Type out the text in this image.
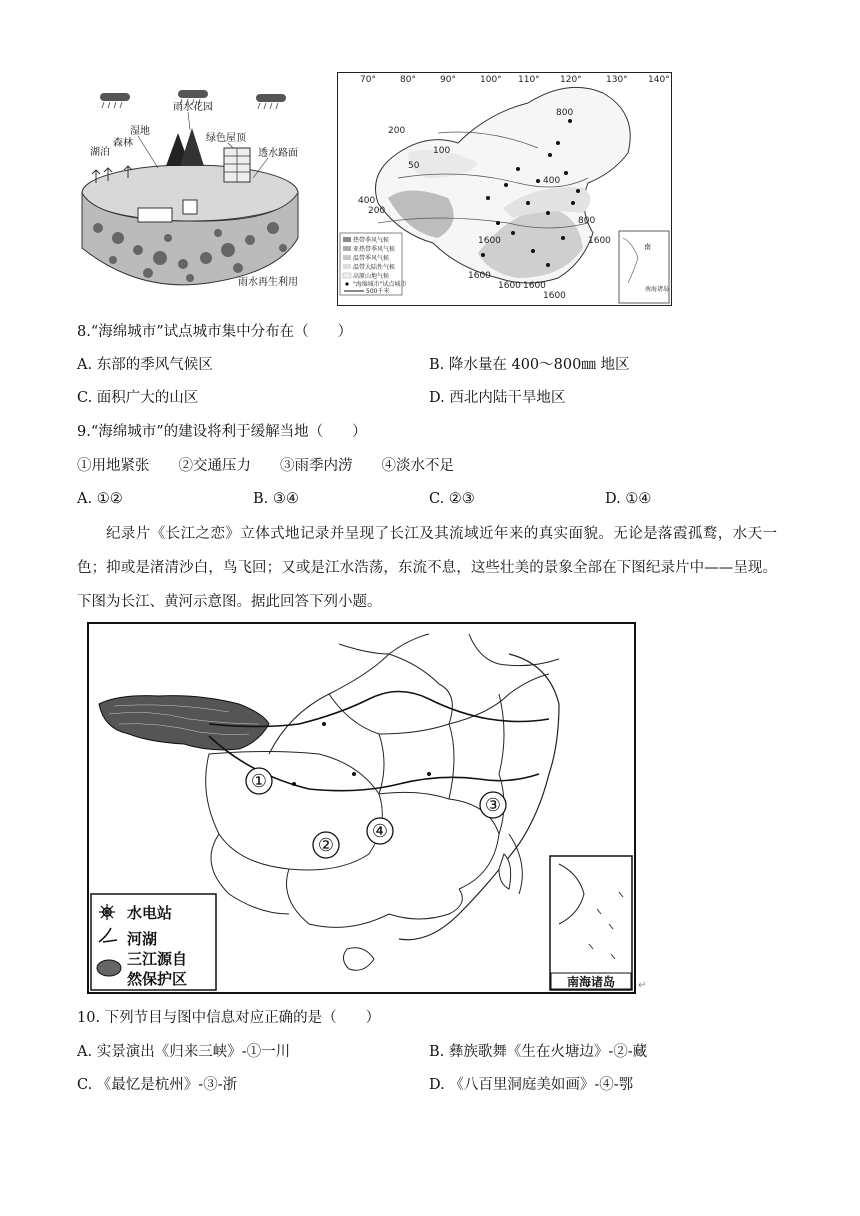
雨水花园
森林
湿地
湖泊
绿色屋顶
透水路面
雨水再生利用
70°	80°	90°	100° 110° 120°	130° 140°
400
200
800
1600	1600
800
200
100
50
400
1600
1600
1600
1600
热带季风气候
亚热带季风气候
温带季风气候
温带大陆性气候
高原山地气候
"海绵城市"试点城市
500千米
南
南海诸岛
8.“海绵城市”试点城市集中分布在（　　）
A. 东部的季风气候区	B. 降水量在 400～800㎜ 地区
C. 面积广大的山区	D. 西北内陆干旱地区
9.“海绵城市”的建设将利于缓解当地（　　）
①用地紧张　　②交通压力　　③雨季内涝　　④淡水不足
A. ①②	B. ③④	C. ②③	D. ①④
纪录片《长江之恋》立体式地记录并呈现了长江及其流域近年来的真实面貌。无论是落霞孤鹜，水天一色；抑或是渚清沙白，鸟飞回；又或是江水浩荡，东流不息，这些壮美的景象全部在下图纪录片中——呈现。下图为长江、黄河示意图。据此回答下列小题。
①
②
③
④
水电站
河湖
三江源自
然保护区	南海诸岛 ↵
10. 下列节目与图中信息对应正确的是（　　）
A. 实景演出《归来三峡》-①一川	B. 彝族歌舞《生在火塘边》-②-藏
C. 《最忆是杭州》-③-浙	D. 《八百里洞庭美如画》-④-鄂
